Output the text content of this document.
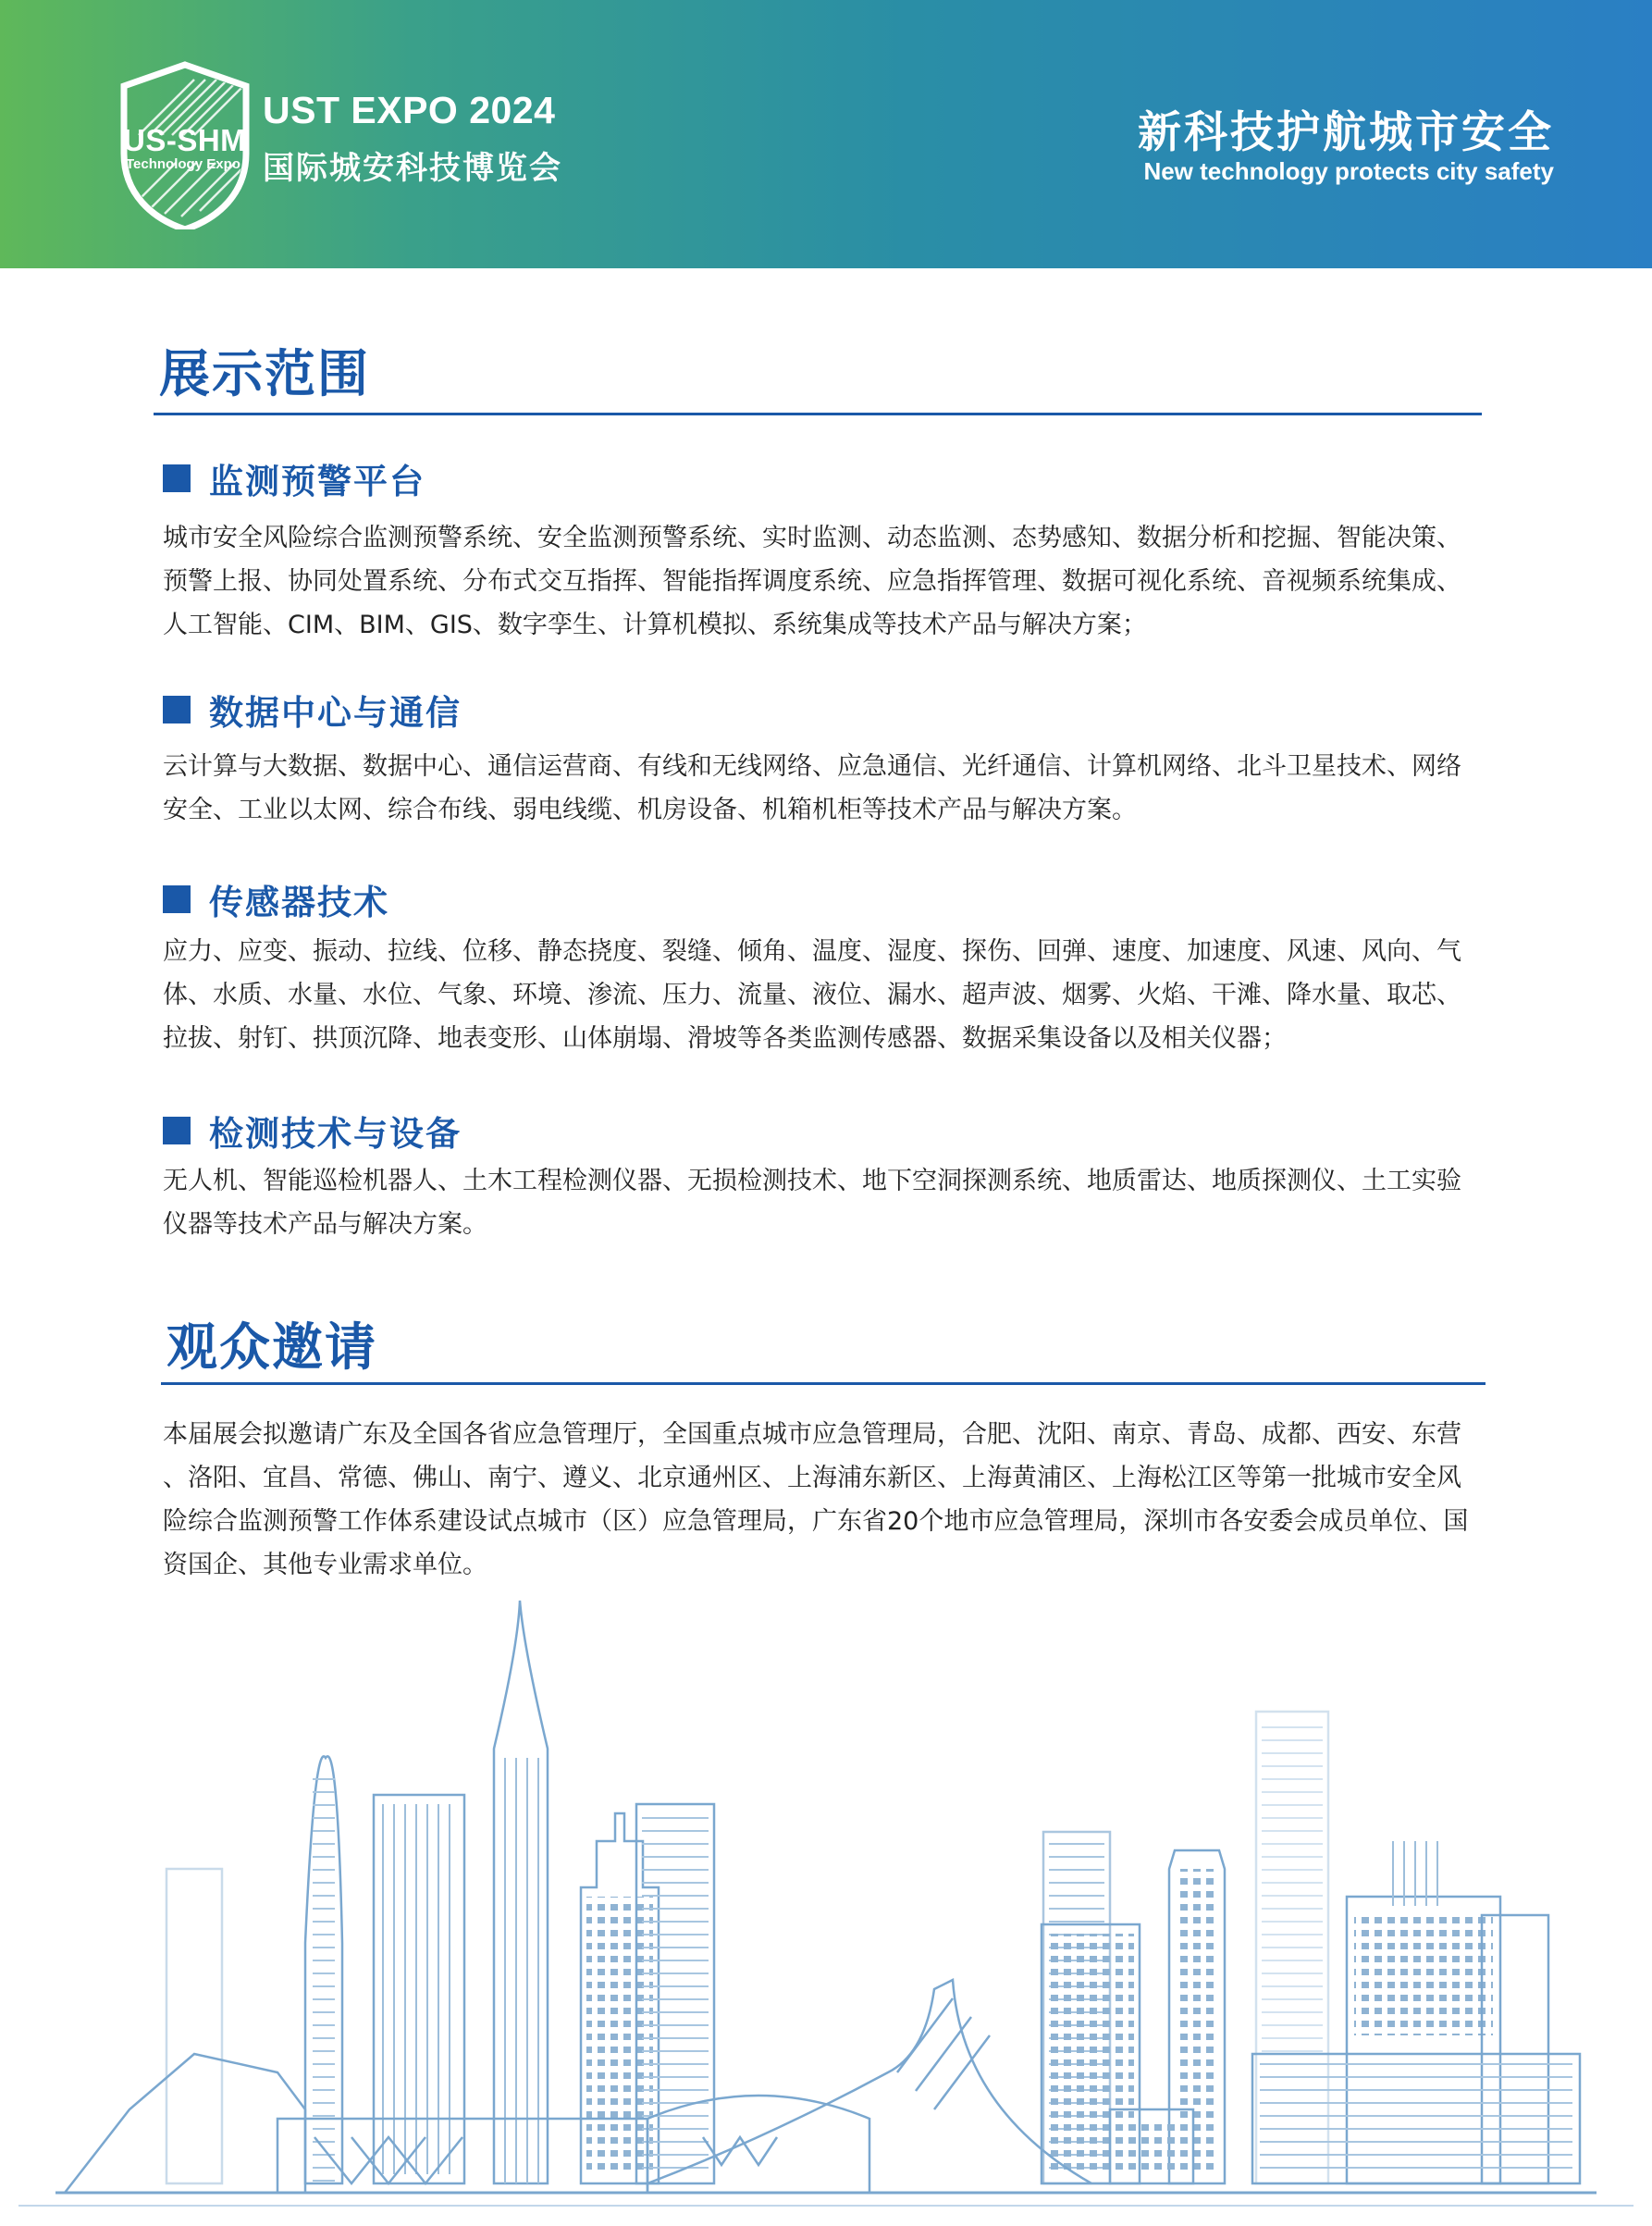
US-SHM
Technology Expo
UST EXPO 2024
国际城安科技博览会
新科技护航城市安全
New technology protects city safety
展示范围
监测预警平台
城市安全风险综合监测预警系统、安全监测预警系统、实时监测、动态监测、态势感知、数据分析和挖掘、智能决策、
预警上报、协同处置系统、分布式交互指挥、智能指挥调度系统、应急指挥管理、数据可视化系统、音视频系统集成、
人工智能、CIM、BIM、GIS、数字孪生、计算机模拟、系统集成等技术产品与解决方案；
数据中心与通信
云计算与大数据、数据中心、通信运营商、有线和无线网络、应急通信、光纤通信、计算机网络、北斗卫星技术、网络
安全、工业以太网、综合布线、弱电线缆、机房设备、机箱机柜等技术产品与解决方案。
传感器技术
应力、应变、振动、拉线、位移、静态挠度、裂缝、倾角、温度、湿度、探伤、回弹、速度、加速度、风速、风向、气
体、水质、水量、水位、气象、环境、渗流、压力、流量、液位、漏水、超声波、烟雾、火焰、干滩、降水量、取芯、
拉拔、射钉、拱顶沉降、地表变形、山体崩塌、滑坡等各类监测传感器、数据采集设备以及相关仪器；
检测技术与设备
无人机、智能巡检机器人、土木工程检测仪器、无损检测技术、地下空洞探测系统、地质雷达、地质探测仪、土工实验
仪器等技术产品与解决方案。
观众邀请
本届展会拟邀请广东及全国各省应急管理厅，全国重点城市应急管理局，合肥、沈阳、南京、青岛、成都、西安、东营
、洛阳、宜昌、常德、佛山、南宁、遵义、北京通州区、上海浦东新区、上海黄浦区、上海松江区等第一批城市安全风
险综合监测预警工作体系建设试点城市（区）应急管理局，广东省20个地市应急管理局，深圳市各安委会成员单位、国
资国企、其他专业需求单位。
